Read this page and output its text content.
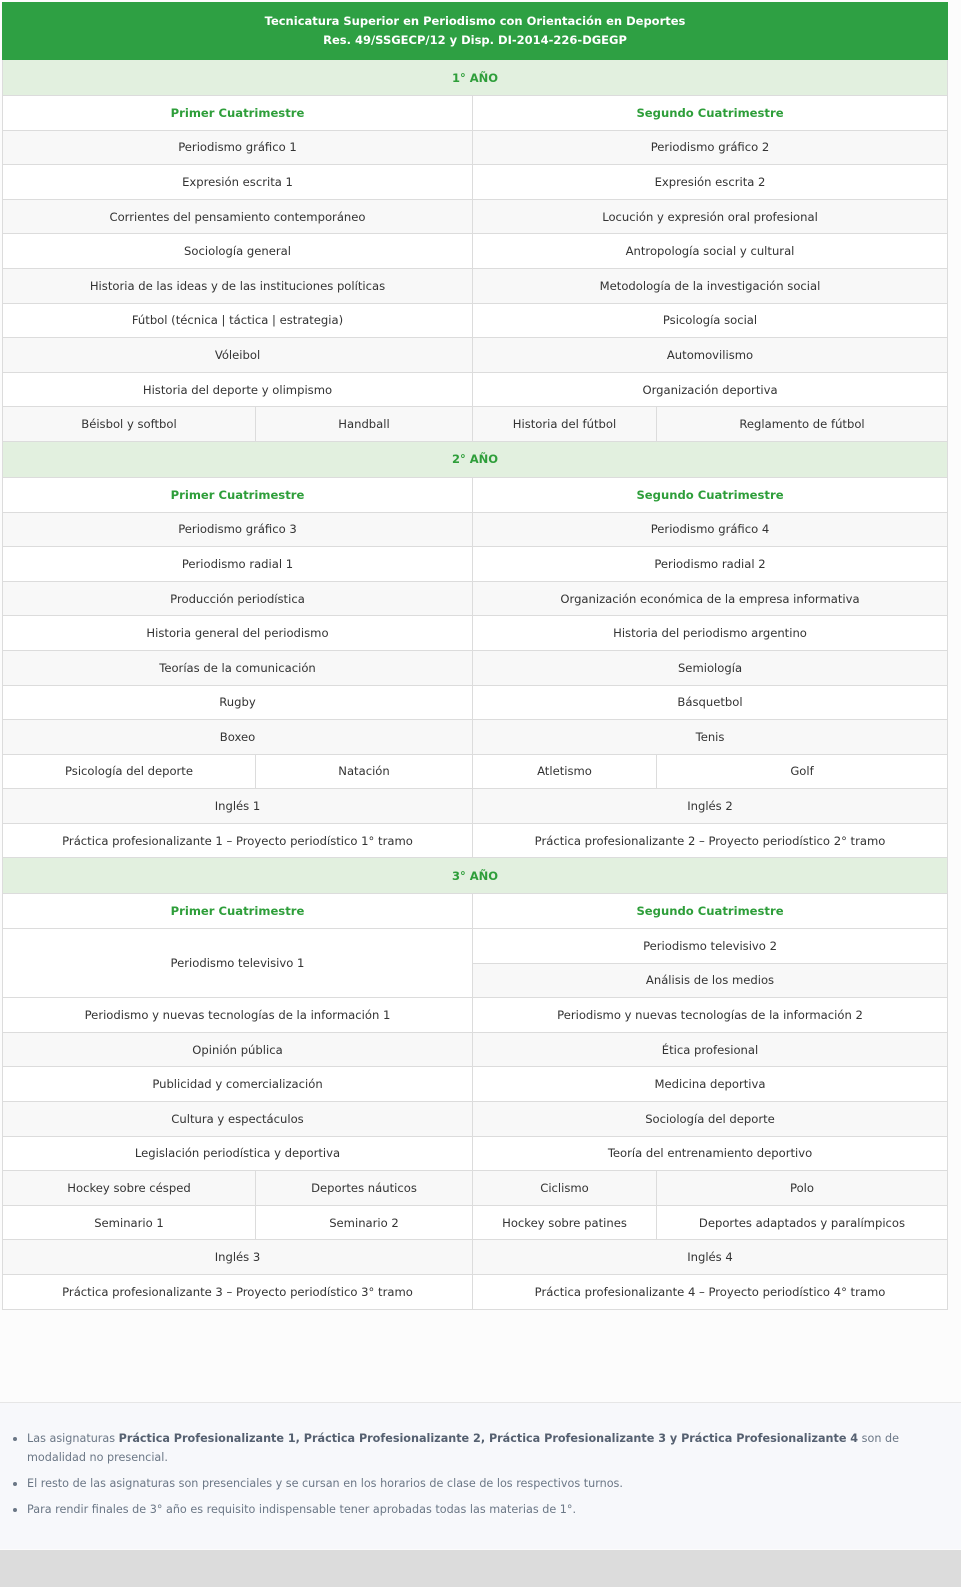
Tecnicatura Superior en Periodismo con Orientación en Deportes
Res. 49/SSGECP/12 y Disp. DI-2014-226-DGEGP			

1° AÑO			
Primer Cuatrimestre		Segundo Cuatrimestre	
Periodismo gráfico 1		Periodismo gráfico 2	
Expresión escrita 1		Expresión escrita 2	
Corrientes del pensamiento contemporáneo		Locución y expresión oral profesional	
Sociología general		Antropología social y cultural	
Historia de las ideas y de las instituciones políticas		Metodología de la investigación social	
Fútbol (técnica | táctica | estrategia)		Psicología social	
Vóleibol		Automovilismo	
Historia del deporte y olimpismo		Organización deportiva	
Béisbol y softbol	Handball	Historia del fútbol	Reglamento de fútbol
2° AÑO			
Primer Cuatrimestre		Segundo Cuatrimestre	
Periodismo gráfico 3		Periodismo gráfico 4	
Periodismo radial 1		Periodismo radial 2	
Producción periodística		Organización económica de la empresa informativa	
Historia general del periodismo		Historia del periodismo argentino	
Teorías de la comunicación		Semiología	
Rugby		Básquetbol	
Boxeo		Tenis	
Psicología del deporte	Natación	Atletismo	Golf
Inglés 1		Inglés 2	
Práctica profesionalizante 1 – Proyecto periodístico 1° tramo		Práctica profesionalizante 2 – Proyecto periodístico 2° tramo	
3° AÑO			
Primer Cuatrimestre		Segundo Cuatrimestre	
Periodismo televisivo 1		Periodismo televisivo 2	
		Análisis de los medios	
Periodismo y nuevas tecnologías de la información 1		Periodismo y nuevas tecnologías de la información 2	
Opinión pública		Ética profesional	
Publicidad y comercialización		Medicina deportiva	
Cultura y espectáculos		Sociología del deporte	
Legislación periodística y deportiva		Teoría del entrenamiento deportivo	
Hockey sobre césped	Deportes náuticos	Ciclismo	Polo
Seminario 1	Seminario 2	Hockey sobre patines	Deportes adaptados y paralímpicos
Inglés 3		Inglés 4	
Práctica profesionalizante 3 – Proyecto periodístico 3° tramo		Práctica profesionalizante 4 – Proyecto periodístico 4° tramo	
Las asignaturas Práctica Profesionalizante 1, Práctica Profesionalizante 2, Práctica Profesionalizante 3 y Práctica Profesionalizante 4 son de modalidad no presencial.
El resto de las asignaturas son presenciales y se cursan en los horarios de clase de los respectivos turnos.
Para rendir finales de 3° año es requisito indispensable tener aprobadas todas las materias de 1°.
